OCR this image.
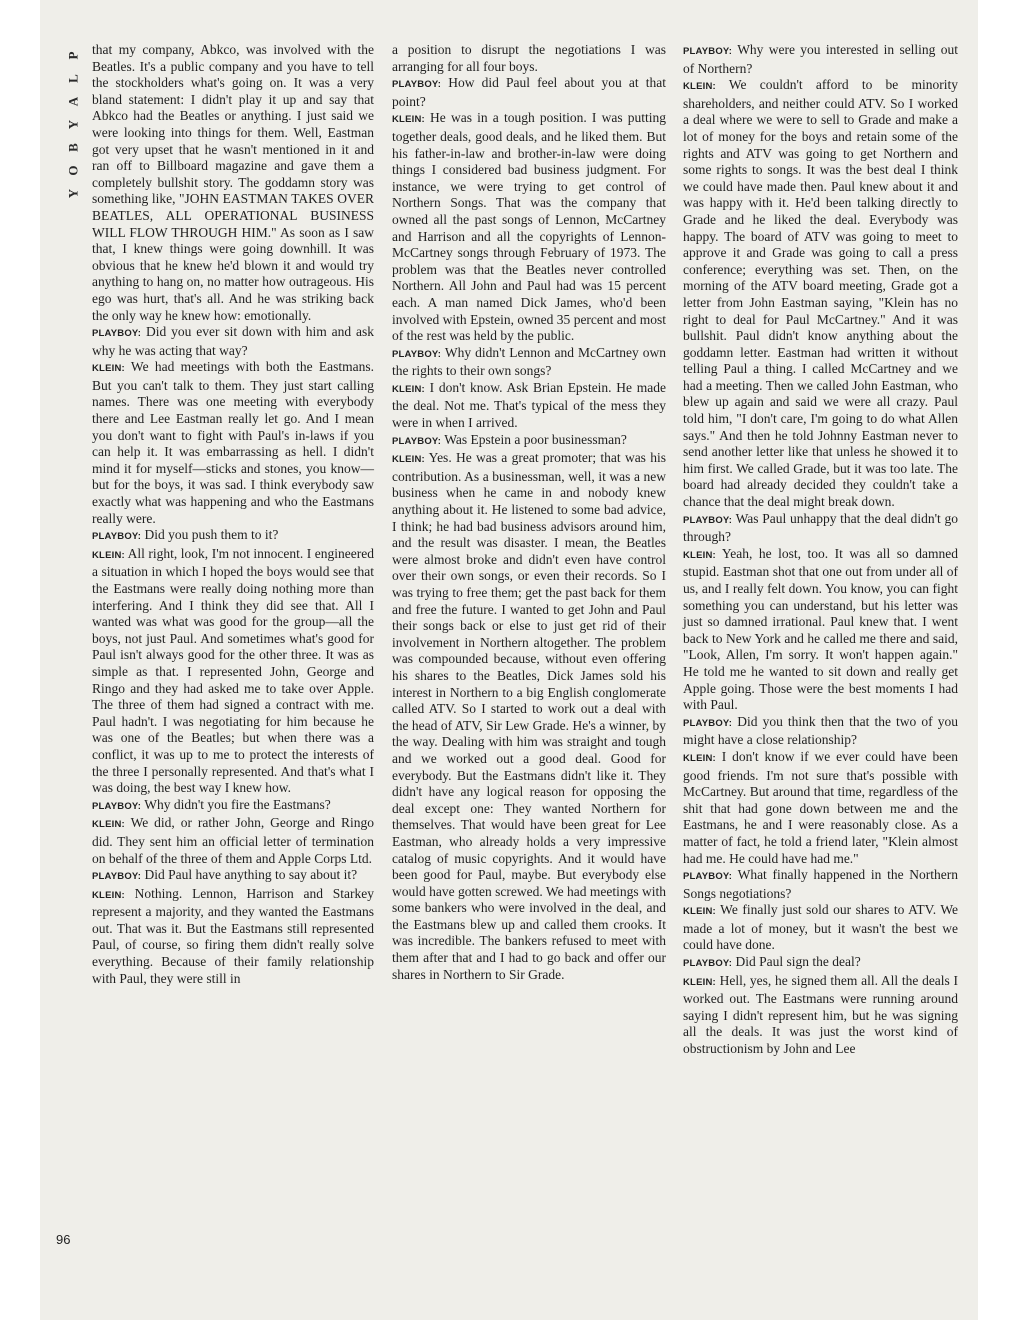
P
L
A
Y
B
O
Y

that my company, Abkco, was involved with the Beatles. It's a public company and you have to tell the stockholders what's going on. It was a very bland statement: I didn't play it up and say that Abkco had the Beatles or anything. I just said we were looking into things for them. Well, Eastman got very upset that he wasn't mentioned in it and ran off to Billboard magazine and gave them a completely bullshit story. The goddamn story was something like, "JOHN EASTMAN TAKES OVER BEATLES, ALL OPERATIONAL BUSINESS WILL FLOW THROUGH HIM." As soon as I saw that, I knew things were going downhill. It was obvious that he knew he'd blown it and would try anything to hang on, no matter how outrageous. His ego was hurt, that's all. And he was striking back the only way he knew how: emotionally.

PLAYBOY: Did you ever sit down with him and ask why he was acting that way?

KLEIN: We had meetings with both the Eastmans. But you can't talk to them. They just start calling names. There was one meeting with everybody there and Lee Eastman really let go. And I mean you don't want to fight with Paul's in-laws if you can help it. It was embarrassing as hell. I didn't mind it for myself—sticks and stones, you know—but for the boys, it was sad. I think everybody saw exactly what was happening and who the Eastmans really were.

PLAYBOY: Did you push them to it?

KLEIN: All right, look, I'm not innocent. I engineered a situation in which I hoped the boys would see that the Eastmans were really doing nothing more than interfering. And I think they did see that. All I wanted was what was good for the group—all the boys, not just Paul. And sometimes what's good for Paul isn't always good for the other three. It was as simple as that. I represented John, George and Ringo and they had asked me to take over Apple. The three of them had signed a contract with me. Paul hadn't. I was negotiating for him because he was one of the Beatles; but when there was a conflict, it was up to me to protect the interests of the three I personally represented. And that's what I was doing, the best way I knew how.

PLAYBOY: Why didn't you fire the Eastmans?

KLEIN: We did, or rather John, George and Ringo did. They sent him an official letter of termination on behalf of the three of them and Apple Corps Ltd.

PLAYBOY: Did Paul have anything to say about it?

KLEIN: Nothing. Lennon, Harrison and Starkey represent a majority, and they wanted the Eastmans out. That was it. But the Eastmans still represented Paul, of course, so firing them didn't really solve everything. Because of their family relationship with Paul, they were still in

a position to disrupt the negotiations I was arranging for all four boys.

PLAYBOY: How did Paul feel about you at that point?

KLEIN: He was in a tough position. I was putting together deals, good deals, and he liked them. But his father-in-law and brother-in-law were doing things I considered bad business judgment. For instance, we were trying to get control of Northern Songs. That was the company that owned all the past songs of Lennon, McCartney and Harrison and all the copyrights of Lennon-McCartney songs through February of 1973. The problem was that the Beatles never controlled Northern. All John and Paul had was 15 percent each. A man named Dick James, who'd been involved with Epstein, owned 35 percent and most of the rest was held by the public.

PLAYBOY: Why didn't Lennon and McCartney own the rights to their own songs?

KLEIN: I don't know. Ask Brian Epstein. He made the deal. Not me. That's typical of the mess they were in when I arrived.

PLAYBOY: Was Epstein a poor businessman?

KLEIN: Yes. He was a great promoter; that was his contribution. As a businessman, well, it was a new business when he came in and nobody knew anything about it. He listened to some bad advice, I think; he had bad business advisors around him, and the result was disaster. I mean, the Beatles were almost broke and didn't even have control over their own songs, or even their records. So I was trying to free them; get the past back for them and free the future. I wanted to get John and Paul their songs back or else to just get rid of their involvement in Northern altogether. The problem was compounded because, without even offering his shares to the Beatles, Dick James sold his interest in Northern to a big English conglomerate called ATV. So I started to work out a deal with the head of ATV, Sir Lew Grade. He's a winner, by the way. Dealing with him was straight and tough and we worked out a good deal. Good for everybody. But the Eastmans didn't like it. They didn't have any logical reason for opposing the deal except one: They wanted Northern for themselves. That would have been great for Lee Eastman, who already holds a very impressive catalog of music copyrights. And it would have been good for Paul, maybe. But everybody else would have gotten screwed. We had meetings with some bankers who were involved in the deal, and the Eastmans blew up and called them crooks. It was incredible. The bankers refused to meet with them after that and I had to go back and offer our shares in Northern to Sir Grade.

PLAYBOY: Why were you interested in selling out of Northern?

KLEIN: We couldn't afford to be minority shareholders, and neither could ATV. So I worked a deal where we were to sell to Grade and make a lot of money for the boys and retain some of the rights and ATV was going to get Northern and some rights to songs. It was the best deal I think we could have made then. Paul knew about it and was happy with it. He'd been talking directly to Grade and he liked the deal. Everybody was happy. The board of ATV was going to meet to approve it and Grade was going to call a press conference; everything was set. Then, on the morning of the ATV board meeting, Grade got a letter from John Eastman saying, "Klein has no right to deal for Paul McCartney." And it was bullshit. Paul didn't know anything about the goddamn letter. Eastman had written it without telling Paul a thing. I called McCartney and we had a meeting. Then we called John Eastman, who blew up again and said we were all crazy. Paul told him, "I don't care, I'm going to do what Allen says." And then he told Johnny Eastman never to send another letter like that unless he showed it to him first. We called Grade, but it was too late. The board had already decided they couldn't take a chance that the deal might break down.

PLAYBOY: Was Paul unhappy that the deal didn't go through?

KLEIN: Yeah, he lost, too. It was all so damned stupid. Eastman shot that one out from under all of us, and I really felt down. You know, you can fight something you can understand, but his letter was just so damned irrational. Paul knew that. I went back to New York and he called me there and said, "Look, Allen, I'm sorry. It won't happen again." He told me he wanted to sit down and really get Apple going. Those were the best moments I had with Paul.

PLAYBOY: Did you think then that the two of you might have a close relationship?

KLEIN: I don't know if we ever could have been good friends. I'm not sure that's possible with McCartney. But around that time, regardless of the shit that had gone down between me and the Eastmans, he and I were reasonably close. As a matter of fact, he told a friend later, "Klein almost had me. He could have had me."

PLAYBOY: What finally happened in the Northern Songs negotiations?

KLEIN: We finally just sold our shares to ATV. We made a lot of money, but it wasn't the best we could have done.

PLAYBOY: Did Paul sign the deal?

KLEIN: Hell, yes, he signed them all. All the deals I worked out. The Eastmans were running around saying I didn't represent him, but he was signing all the deals. It was just the worst kind of obstructionism by John and Lee

96
